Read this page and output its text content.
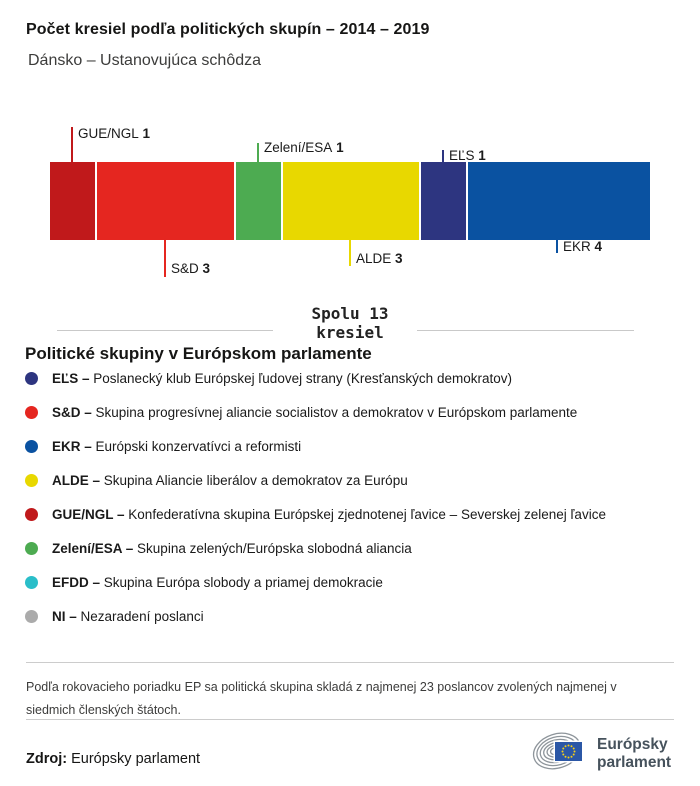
Počet kresiel podľa politických skupín – 2014 – 2019
Dánsko – Ustanovujúca schôdza
GUE/NGL 1
Zelení/ESA 1
EĽS 1
S&D 3
ALDE 3
EKR 4
Spolu 13
kresiel
Politické skupiny v Európskom parlamente
EĽS – Poslanecký klub Európskej ľudovej strany (Kresťanských demokratov)
S&D – Skupina progresívnej aliancie socialistov a demokratov v Európskom parlamente
EKR – Európski konzervatívci a reformisti
ALDE – Skupina Aliancie liberálov a demokratov za Európu
GUE/NGL – Konfederatívna skupina Európskej zjednotenej ľavice – Severskej zelenej ľavice
Zelení/ESA – Skupina zelených/Európska slobodná aliancia
EFDD – Skupina Európa slobody a priamej demokracie
NI – Nezaradení poslanci
Podľa rokovacieho poriadku EP sa politická skupina skladá z najmenej 23 poslancov zvolených najmenej v siedmich členských štátoch.
Zdroj: Európsky parlament
Európsky
parlament
